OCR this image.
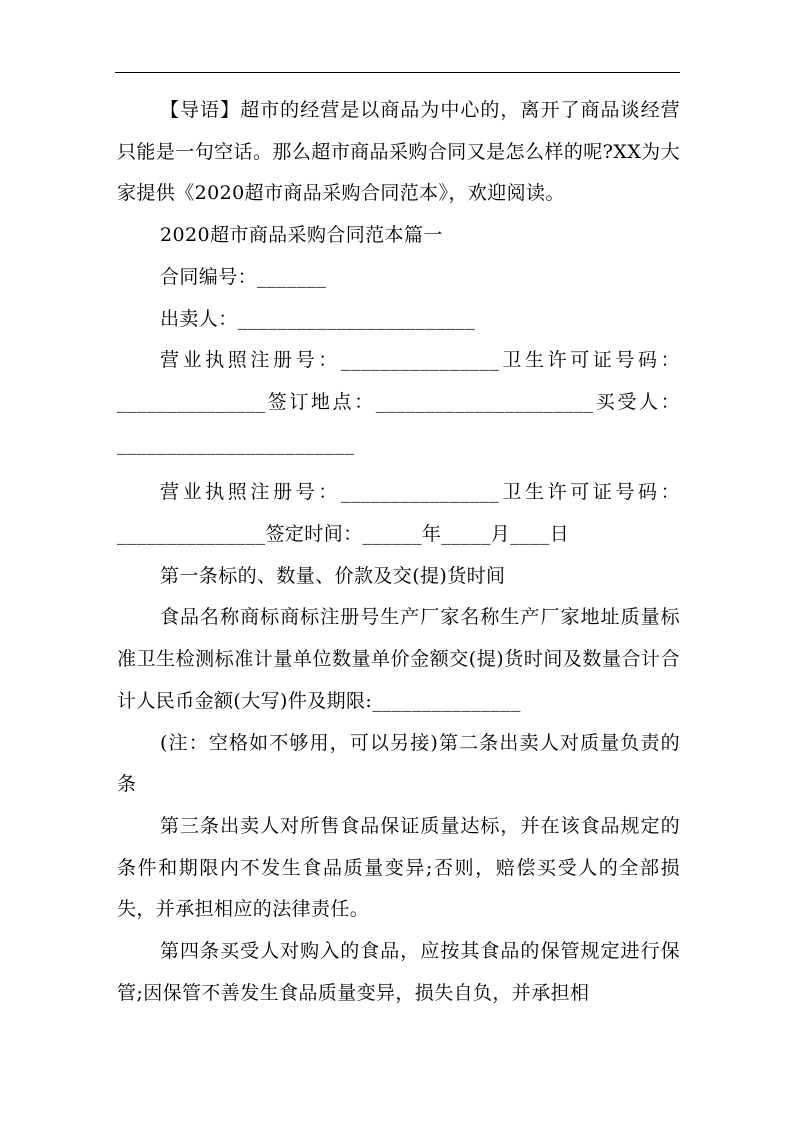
【导语】超市的经营是以商品为中心的，离开了商品谈经营只能是一句空话。那么超市商品采购合同又是怎么样的呢?XX为大家提供《2020超市商品采购合同范本》，欢迎阅读。

2020超市商品采购合同范本篇一

合同编号：_______

出卖人：________________________

营业执照注册号：________________卫生许可证号码：_______________签订地点：______________________买受人：________________________

营业执照注册号：________________卫生许可证号码：_______________签定时间：______年_____月____日

第一条标的、数量、价款及交(提)货时间

食品名称商标商标注册号生产厂家名称生产厂家地址质量标准卫生检测标准计量单位数量单价金额交(提)货时间及数量合计合计人民币金额(大写)件及期限:_______________

(注：空格如不够用，可以另接)第二条出卖人对质量负责的条

第三条出卖人对所售食品保证质量达标，并在该食品规定的条件和期限内不发生食品质量变异;否则，赔偿买受人的全部损失，并承担相应的法律责任。

第四条买受人对购入的食品，应按其食品的保管规定进行保管;因保管不善发生食品质量变异，损失自负，并承担相
